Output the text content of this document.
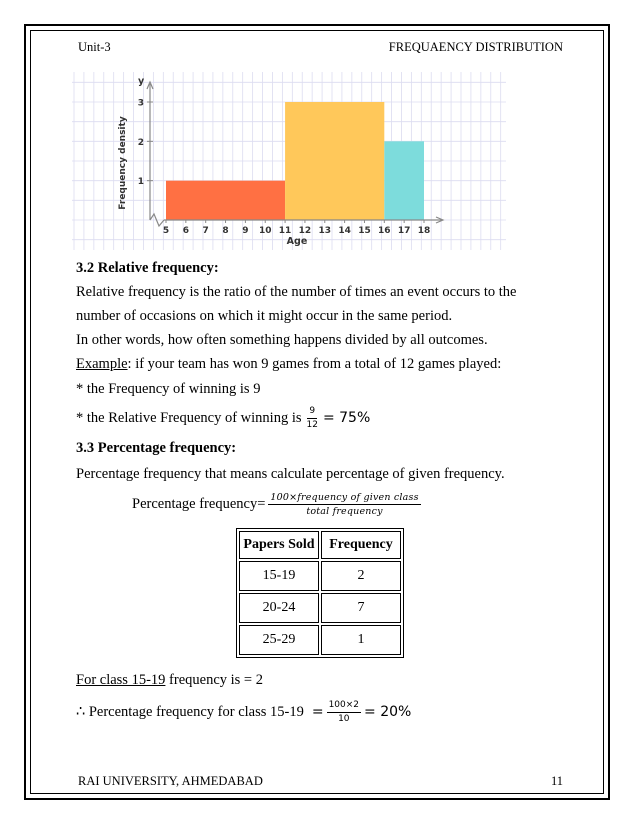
Unit-3	FREQUAENCY DISTRIBUTION
1
2
3
5 6 7 8 9 10 11 12 13 14 15 16 17 18
y
Age
Frequency density
3.2 Relative frequency:
Relative frequency is the ratio of the number of times an event occurs to the
number of occasions on which it might occur in the same period.
In other words, how often something happens divided by all outcomes.
Example: if your team has won 9 games from a total of 12 games played:
* the Frequency of winning is 9
* the Relative Frequency of winning is $\frac{9}{12} = 75\%$
3.3 Percentage frequency:
Percentage frequency that means calculate percentage of given frequency.
Percentage frequency= $\frac{\text{100×frequency of given class}}{\text{total frequency}}$
Papers Sold	Frequency
15-19	2
20-24	7
25-29	1
For class 15-19 frequency is = 2
∴ Percentage frequency for class $15-19 = \frac{100\times 2}{10} = 20\%$
RAI UNIVERSITY, AHMEDABAD	11
